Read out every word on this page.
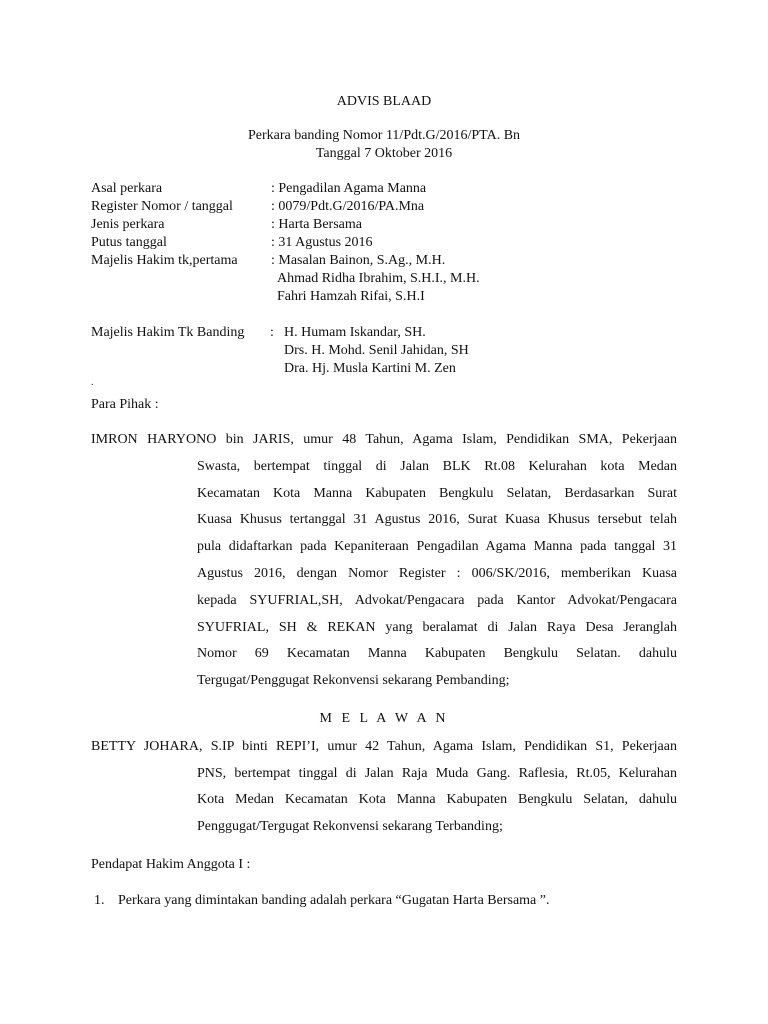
ADVIS BLAAD
Perkara banding Nomor 11/Pdt.G/2016/PTA. Bn
Tanggal 7 Oktober 2016
Asal perkara	: Pengadilan Agama Manna
Register Nomor / tanggal	: 0079/Pdt.G/2016/PA.Mna
Jenis perkara	: Harta Bersama
Putus tanggal	: 31 Agustus 2016
Majelis Hakim tk,pertama : Masalan Bainon, S.Ag., M.H.
Ahmad Ridha Ibrahim, S.H.I., M.H.
Fahri Hamzah Rifai, S.H.I
Majelis Hakim Tk Banding : H. Humam Iskandar, SH.
Drs. H. Mohd. Senil Jahidan, SH
Dra. Hj. Musla Kartini M. Zen
.
Para Pihak :
IMRON HARYONO bin JARIS, umur 48 Tahun, Agama Islam, Pendidikan SMA, Pekerjaan
Swasta, bertempat tinggal di Jalan BLK Rt.08 Kelurahan kota Medan
Kecamatan Kota Manna Kabupaten Bengkulu Selatan, Berdasarkan Surat
Kuasa Khusus tertanggal 31 Agustus 2016, Surat Kuasa Khusus tersebut telah
pula didaftarkan pada Kepaniteraan Pengadilan Agama Manna pada tanggal 31
Agustus 2016, dengan Nomor Register : 006/SK/2016, memberikan Kuasa
kepada SYUFRIAL,SH, Advokat/Pengacara pada Kantor Advokat/Pengacara
SYUFRIAL, SH & REKAN yang beralamat di Jalan Raya Desa Jeranglah
Nomor 69 Kecamatan Manna Kabupaten Bengkulu Selatan. dahulu
Tergugat/Penggugat Rekonvensi sekarang Pembanding;
M E L A W A N
BETTY JOHARA, S.IP binti REPI’I, umur 42 Tahun, Agama Islam, Pendidikan S1, Pekerjaan
PNS, bertempat tinggal di Jalan Raja Muda Gang. Raflesia, Rt.05, Kelurahan
Kota Medan Kecamatan Kota Manna Kabupaten Bengkulu Selatan, dahulu
Penggugat/Tergugat Rekonvensi sekarang Terbanding;
Pendapat Hakim Anggota I :
1. Perkara yang dimintakan banding adalah perkara “Gugatan Harta Bersama ”.
